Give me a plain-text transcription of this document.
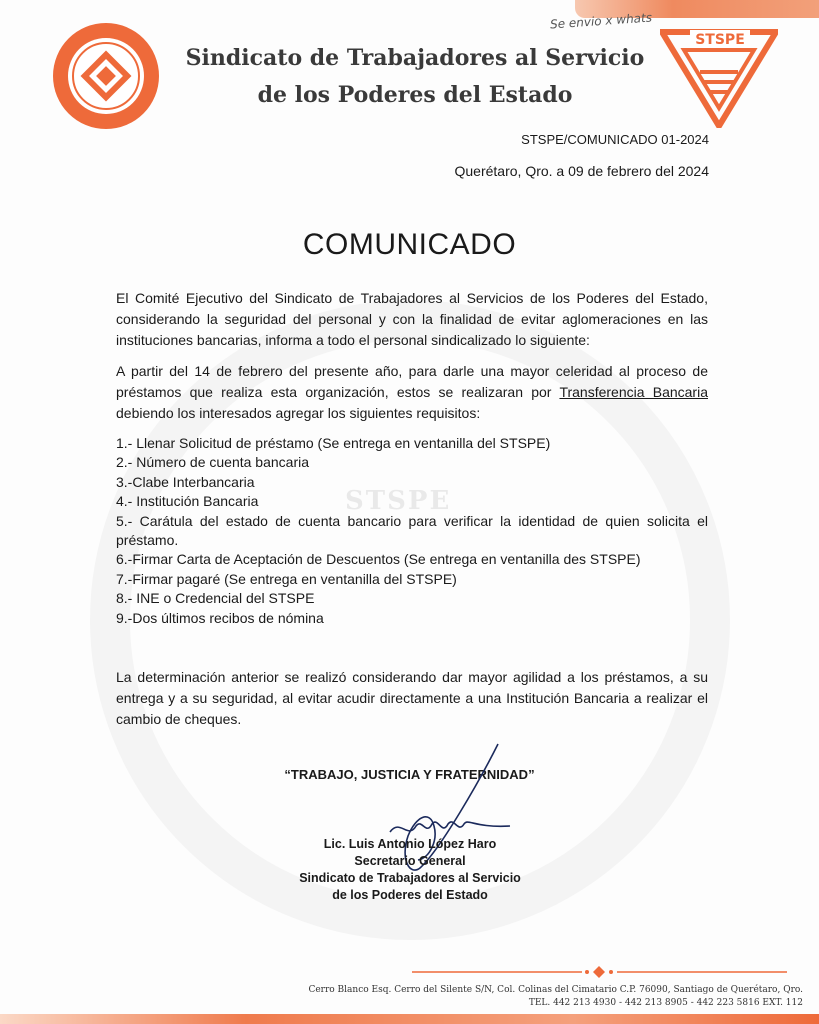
STSPE
Se envio x whats
Sindicato de Trabajadores al Servicio
de los Poderes del Estado
STSPE
STSPE/COMUNICADO 01-2024
Querétaro, Qro. a 09 de febrero del 2024
COMUNICADO
El Comité Ejecutivo del Sindicato de Trabajadores al Servicios de los Poderes del Estado, considerando la seguridad del personal y con la finalidad de evitar aglomeraciones en las instituciones bancarias, informa a todo el personal sindicalizado lo siguiente:
A partir del 14 de febrero del presente año, para darle una mayor celeridad al proceso de préstamos que realiza esta organización, estos se realizaran por Transferencia Bancaria debiendo los interesados agregar los siguientes requisitos:
1.- Llenar Solicitud de préstamo (Se entrega en ventanilla del STSPE)
2.- Número de cuenta bancaria
3.-Clabe Interbancaria
4.- Institución Bancaria
5.- Carátula del estado de cuenta bancario para verificar la identidad de quien solicita el préstamo.
6.-Firmar Carta de Aceptación de Descuentos (Se entrega en ventanilla des STSPE)
7.-Firmar pagaré (Se entrega en ventanilla del STSPE)
8.- INE o Credencial del STSPE
9.-Dos últimos recibos de nómina
La determinación anterior se realizó considerando dar mayor agilidad a los préstamos, a su entrega y a su seguridad, al evitar acudir directamente a una Institución Bancaria a realizar el cambio de cheques.
“TRABAJO, JUSTICIA Y FRATERNIDAD”
Lic. Luis Antonio López Haro
Secretario General
Sindicato de Trabajadores al Servicio
de los Poderes del Estado
Cerro Blanco Esq. Cerro del Silente S/N, Col. Colinas del Cimatario C.P. 76090, Santiago de Querétaro, Qro.
TEL. 442 213 4930 - 442 213 8905 - 442 223 5816 EXT. 112
